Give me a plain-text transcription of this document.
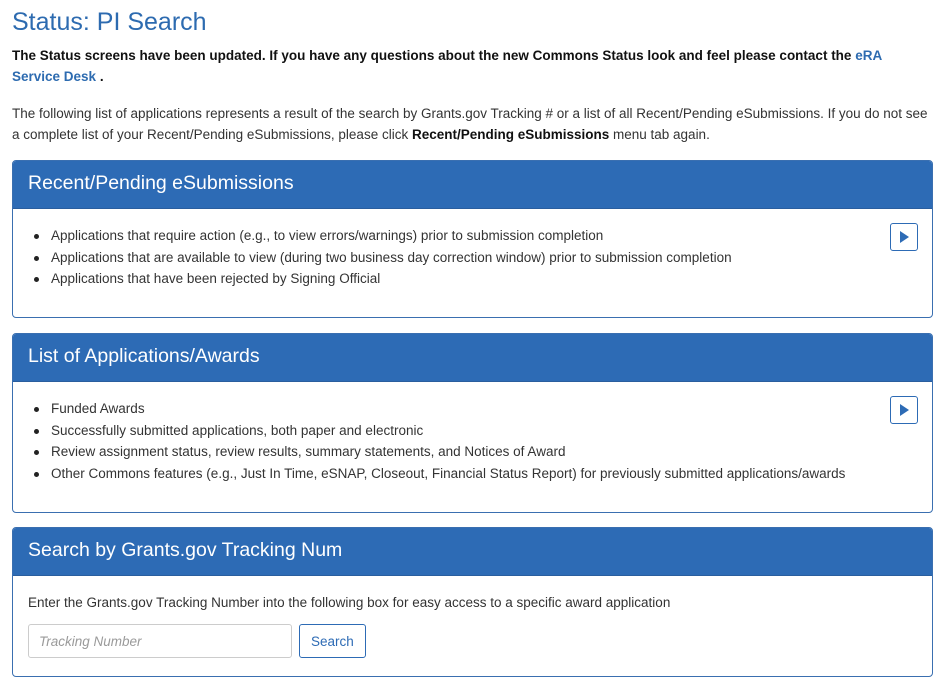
Status: PI Search

The Status screens have been updated. If you have any questions about the new Commons Status look and feel please contact the eRA Service Desk .

The following list of applications represents a result of the search by Grants.gov Tracking # or a list of all Recent/Pending eSubmissions. If you do not see a complete list of your Recent/Pending eSubmissions, please click Recent/Pending eSubmissions menu tab again.

Recent/Pending eSubmissions
Applications that require action (e.g., to view errors/warnings) prior to submission completion
Applications that are available to view (during two business day correction window) prior to submission completion
Applications that have been rejected by Signing Official
List of Applications/Awards
Funded Awards
Successfully submitted applications, both paper and electronic
Review assignment status, review results, summary statements, and Notices of Award
Other Commons features (e.g., Just In Time, eSNAP, Closeout, Financial Status Report) for previously submitted applications/awards
Search by Grants.gov Tracking Num

Enter the Grants.gov Tracking Number into the following box for easy access to a specific award application

Tracking Number
Search
